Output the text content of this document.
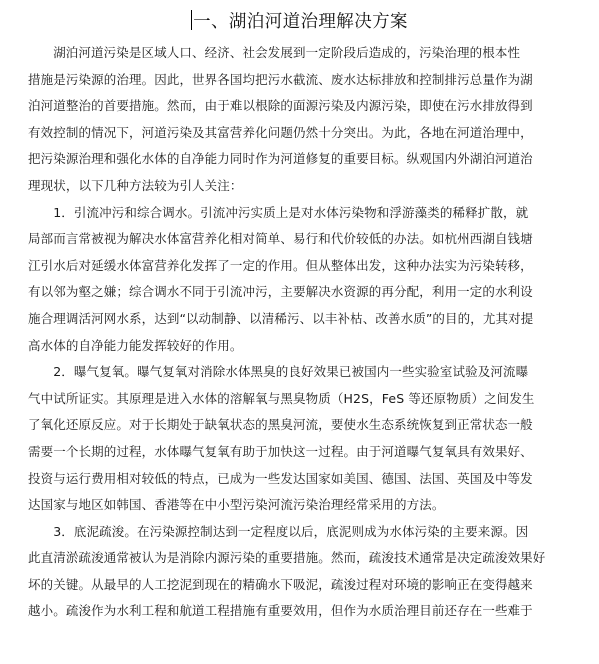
一、湖泊河道治理解决方案
湖泊河道污染是区域人口、经济、社会发展到一定阶段后造成的，污染治理的根本性
措施是污染源的治理。因此，世界各国均把污水截流、废水达标排放和控制排污总量作为湖
泊河道整治的首要措施。然而，由于难以根除的面源污染及内源污染，即使在污水排放得到
有效控制的情况下，河道污染及其富营养化问题仍然十分突出。为此，各地在河道治理中，
把污染源治理和强化水体的自净能力同时作为河道修复的重要目标。纵观国内外湖泊河道治
理现状，以下几种方法较为引人关注：
1．引流冲污和综合调水。引流冲污实质上是对水体污染物和浮游藻类的稀释扩散，就
局部而言常被视为解决水体富营养化相对简单、易行和代价较低的办法。如杭州西湖自钱塘
江引水后对延缓水体富营养化发挥了一定的作用。但从整体出发，这种办法实为污染转移，
有以邻为壑之嫌；综合调水不同于引流冲污，主要解决水资源的再分配，利用一定的水利设
施合理调活河网水系，达到“以动制静、以清稀污、以丰补枯、改善水质”的目的，尤其对提
高水体的自净能力能发挥较好的作用。
2．曝气复氧。曝气复氧对消除水体黑臭的良好效果已被国内一些实验室试验及河流曝
气中试所证实。其原理是进入水体的溶解氧与黑臭物质（H2S，FeS 等还原物质）之间发生
了氧化还原反应。对于长期处于缺氧状态的黑臭河流，要使水生态系统恢复到正常状态一般
需要一个长期的过程，水体曝气复氧有助于加快这一过程。由于河道曝气复氧具有效果好、
投资与运行费用相对较低的特点，已成为一些发达国家如美国、德国、法国、英国及中等发
达国家与地区如韩国、香港等在中小型污染河流污染治理经常采用的方法。
3．底泥疏浚。在污染源控制达到一定程度以后，底泥则成为水体污染的主要来源。因
此直清淤疏浚通常被认为是消除内源污染的重要措施。然而，疏浚技术通常是决定疏浚效果好
坏的关键。从最早的人工挖泥到现在的精确水下吸泥，疏浚过程对环境的影响正在变得越来
越小。疏浚作为水利工程和航道工程措施有重要效用，但作为水质治理目前还存在一些难于
